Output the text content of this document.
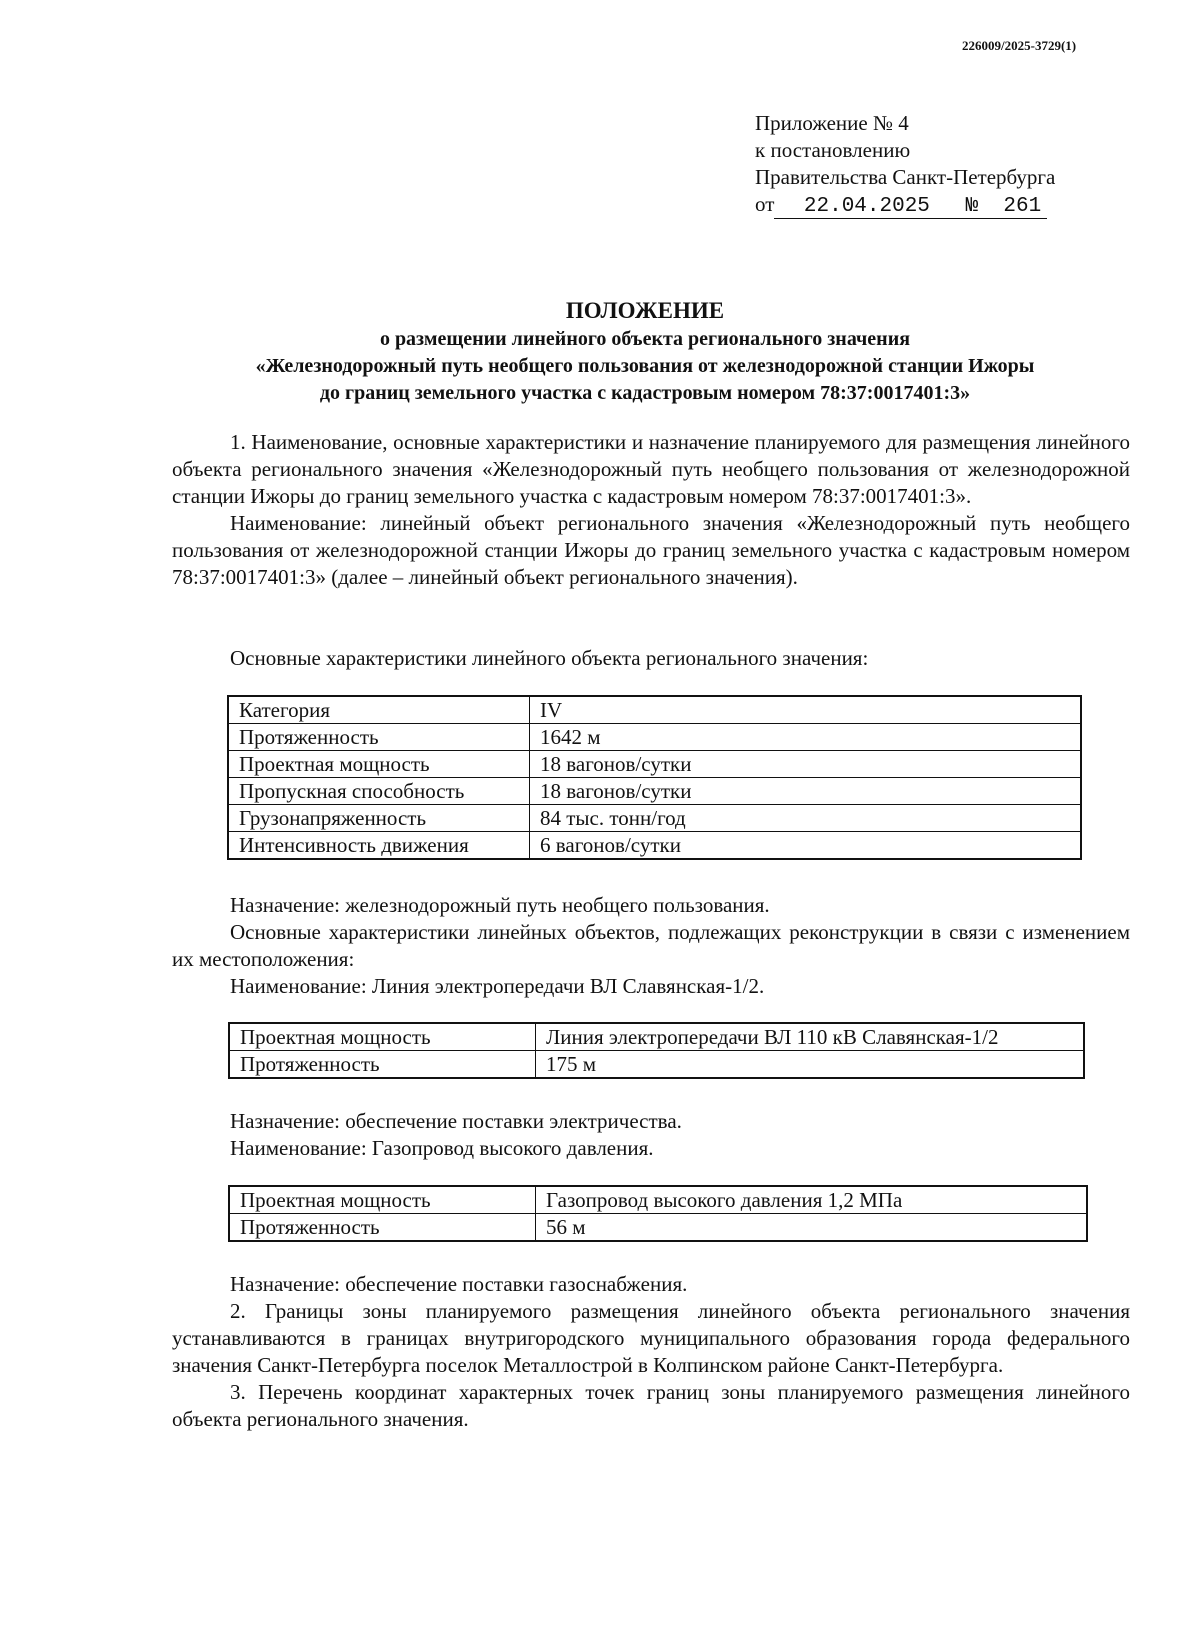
226009/2025-3729(1)
Приложение № 4
к постановлению
Правительства Санкт-Петербурга
от 22.04.2025 № 261
ПОЛОЖЕНИЕ
о размещении линейного объекта регионального значения
«Железнодорожный путь необщего пользования от железнодорожной станции Ижоры
до границ земельного участка с кадастровым номером 78:37:0017401:3»

1. Наименование, основные характеристики и назначение планируемого для размещения линейного объекта регионального значения «Железнодорожный путь необщего пользования от железнодорожной станции Ижоры до границ земельного участка с кадастровым номером 78:37:0017401:3».

Наименование: линейный объект регионального значения «Железнодорожный путь необщего пользования от железнодорожной станции Ижоры до границ земельного участка с кадастровым номером 78:37:0017401:3» (далее – линейный объект регионального значения).

Основные характеристики линейного объекта регионального значения:

Категория	IV
Протяженность	1642 м
Проектная мощность	18 вагонов/сутки
Пропускная способность	18 вагонов/сутки
Грузонапряженность	84 тыс. тонн/год
Интенсивность движения	6 вагонов/сутки

Назначение: железнодорожный путь необщего пользования.

Основные характеристики линейных объектов, подлежащих реконструкции в связи с изменением их местоположения:

Наименование: Линия электропередачи ВЛ Славянская-1/2.

Проектная мощность	Линия электропередачи ВЛ 110 кВ Славянская-1/2
Протяженность	175 м

Назначение: обеспечение поставки электричества.

Наименование: Газопровод высокого давления.

Проектная мощность	Газопровод высокого давления 1,2 МПа
Протяженность	56 м

Назначение: обеспечение поставки газоснабжения.

2. Границы зоны планируемого размещения линейного объекта регионального значения устанавливаются в границах внутригородского муниципального образования города федерального значения Санкт-Петербурга поселок Металлострой в Колпинском районе Санкт-Петербурга.

3. Перечень координат характерных точек границ зоны планируемого размещения линейного объекта регионального значения.
